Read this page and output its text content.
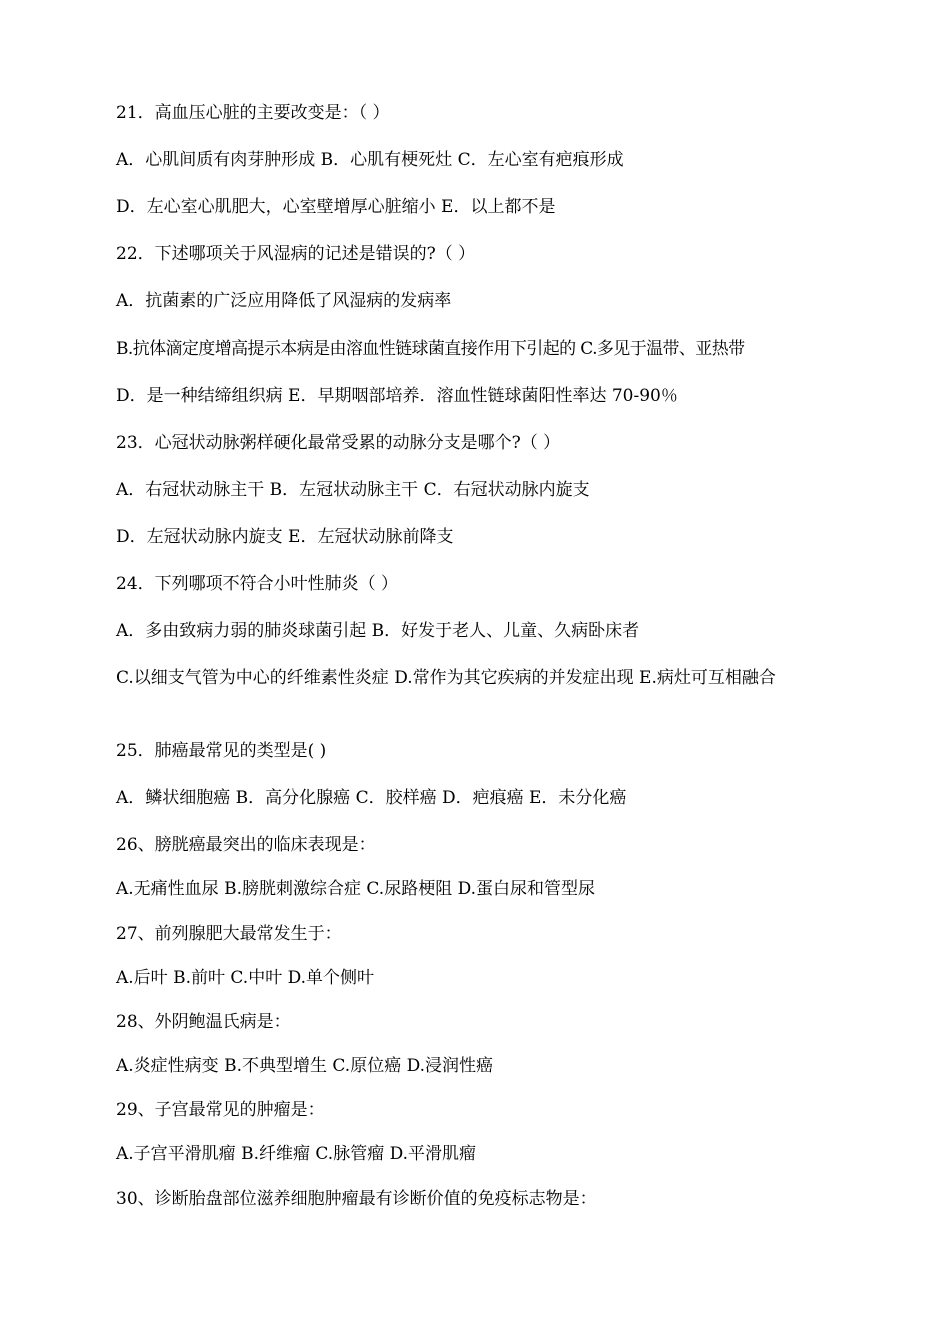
21．高血压心脏的主要改变是：（ ）
A．心肌间质有肉芽肿形成 B．心肌有梗死灶 C．左心室有疤痕形成
D．左心室心肌肥大，心室壁增厚心脏缩小 E．以上都不是
22．下述哪项关于风湿病的记述是错误的?（ ）
A．抗菌素的广泛应用降低了风湿病的发病率
B.抗体滴定度增高提示本病是由溶血性链球菌直接作用下引起的 C.多见于温带、亚热带
D．是一种结缔组织病 E．早期咽部培养．溶血性链球菌阳性率达 70-90％
23．心冠状动脉粥样硬化最常受累的动脉分支是哪个?（ ）
A．右冠状动脉主干 B．左冠状动脉主干 C．右冠状动脉内旋支
D．左冠状动脉内旋支 E．左冠状动脉前降支
24．下列哪项不符合小叶性肺炎（ ）
A．多由致病力弱的肺炎球菌引起 B．好发于老人、儿童、久病卧床者
C.以细支气管为中心的纤维素性炎症 D.常作为其它疾病的并发症出现 E.病灶可互相融合
25．肺癌最常见的类型是( )
A．鳞状细胞癌 B．高分化腺癌 C．胶样癌 D．疤痕癌 E．未分化癌
26、膀胱癌最突出的临床表现是：
A.无痛性血尿 B.膀胱刺激综合症 C.尿路梗阻 D.蛋白尿和管型尿
27、前列腺肥大最常发生于：
A.后叶 B.前叶 C.中叶 D.单个侧叶
28、外阴鲍温氏病是：
A.炎症性病变 B.不典型增生 C.原位癌 D.浸润性癌
29、子宫最常见的肿瘤是：
A.子宫平滑肌瘤 B.纤维瘤 C.脉管瘤 D.平滑肌瘤
30、诊断胎盘部位滋养细胞肿瘤最有诊断价值的免疫标志物是：
